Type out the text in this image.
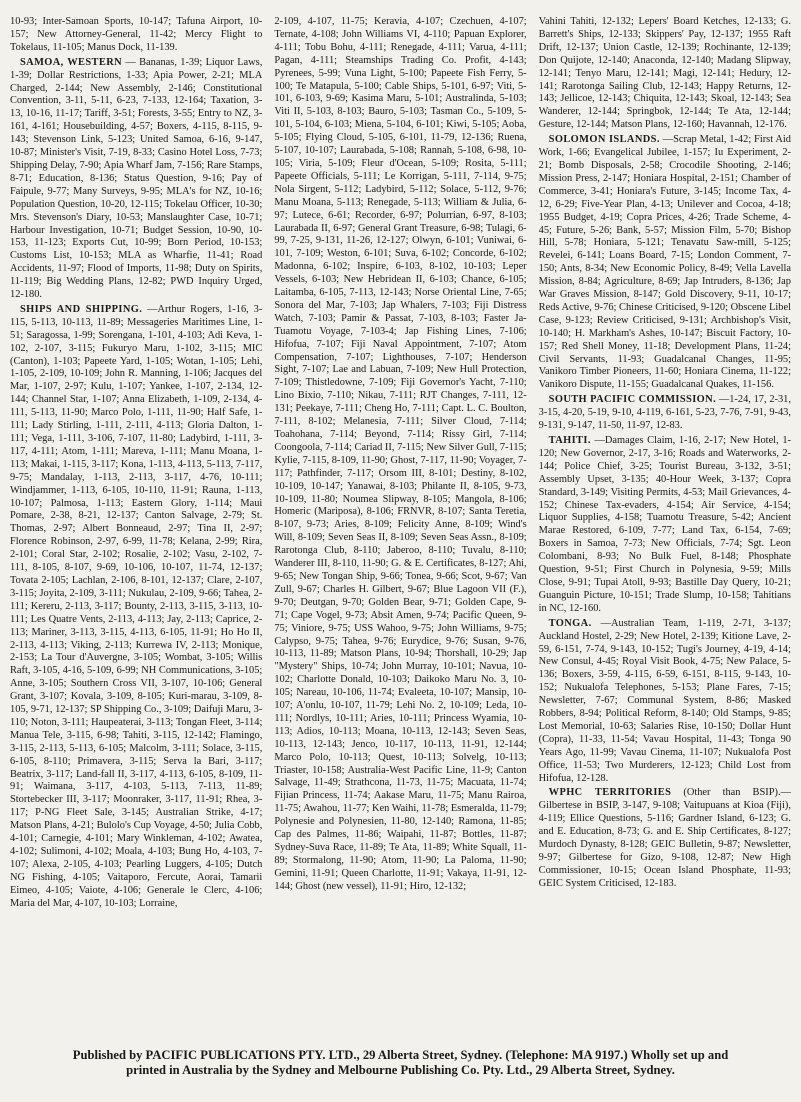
10-93; Inter-Samoan Sports, 10-147; Tafuna Airport, 10-157; New Attorney-General, 11-42; Mercy Flight to Tokelaus, 11-105; Manus Dock, 11-139.

SAMOA, WESTERN — Bananas, 1-39; Liquor Laws, 1-39; Dollar Restrictions, 1-33; Apia Power, 2-21; MLA Charged, 2-144; New Assembly, 2-146; Constitutional Convention, 3-11, 5-11, 6-23, 7-133, 12-164; Taxation, 3-13, 10-16, 11-17; Tariff, 3-51; Forests, 3-55; Entry to NZ, 3-161, 4-161; Housebuilding, 4-57; Boxers, 4-115, 8-115, 9-143; Stevenson Link, 5-123; United Samoa, 6-16, 9-147, 10-87; Minister's Visit, 7-19, 8-33; Casino Hotel Loss, 7-73; Shipping Delay, 7-90; Apia Wharf Jam, 7-156; Rare Stamps, 8-71; Education, 8-136; Status Question, 9-16; Pay of Faipule, 9-77; Many Surveys, 9-95; MLA's for NZ, 10-16; Population Question, 10-20, 12-115; Tokelau Officer, 10-30; Mrs. Stevenson's Diary, 10-53; Manslaughter Case, 10-71; Harbour Investigation, 10-71; Budget Session, 10-90, 10-153, 11-123; Exports Cut, 10-99; Born Period, 10-153; Customs List, 10-153; MLA as Wharfie, 11-41; Road Accidents, 11-97; Flood of Imports, 11-98; Duty on Spirits, 11-119; Big Wedding Plans, 12-82; PWD Inquiry Urged, 12-180.

SHIPS AND SHIPPING. —Arthur Rogers, 1-16, 3-115, 5-113, 10-113, 11-89; Messageries Maritimes Line, 1-51; Saragossa, 1-99; Sorengana, 1-101, 4-103; Adi Keva, 1-102, 2-107, 3-115; Fukuryo Maru, 1-102, 3-115; MIC (Canton), 1-103; Papeete Yard, 1-105; Wotan, 1-105; Lehi, 1-105, 2-109, 10-109; John R. Manning, 1-106; Jacques del Mar, 1-107, 2-97; Kulu, 1-107; Yankee, 1-107, 2-134, 12-144; Channel Star, 1-107; Anna Elizabeth, 1-109, 2-134, 4-111, 5-113, 11-90; Marco Polo, 1-111, 11-90; Half Safe, 1-111; Lady Stirling, 1-111, 2-111, 4-113; Gloria Dalton, 1-111; Vega, 1-111, 3-106, 7-107, 11-80; Ladybird, 1-111, 3-117, 4-111; Atom, 1-111; Mareva, 1-111; Manu Moana, 1-113; Makai, 1-115, 3-117; Kona, 1-113, 4-113, 5-113, 7-117, 9-75; Mandalay, 1-113, 2-113, 3-117, 4-76, 10-111; Windjammer, 1-113, 6-105, 10-110, 11-91; Rauna, 1-113, 10-107; Palmosa, 1-113; Eastern Glory, 1-114; Maui Pomare, 2-38, 8-21, 12-137; Canton Salvage, 2-79; St. Thomas, 2-97; Albert Bonneaud, 2-97; Tina II, 2-97; Florence Robinson, 2-97, 6-99, 11-78; Kelana, 2-99; Rira, 2-101; Coral Star, 2-102; Rosalie, 2-102; Vasu, 2-102, 7-111, 8-105, 8-107, 9-69, 10-106, 10-107, 11-74, 12-137; Tovata 2-105; Lachlan, 2-106, 8-101, 12-137; Clare, 2-107, 3-115; Joyita, 2-109, 3-111; Nukulau, 2-109, 9-66; Tahea, 2-111; Kereru, 2-113, 3-117; Bounty, 2-113, 3-115, 3-113, 10-111; Les Quatre Vents, 2-113, 4-113; Jay, 2-113; Caprice, 2-113; Mariner, 3-113, 3-115, 4-113, 6-105, 11-91; Ho Ho II, 2-113, 4-113; Viking, 2-113; Kurrewa IV, 2-113; Monique, 2-153; La Tour d'Auvergne, 3-105; Wombat, 3-105; Willis Raft, 3-105, 4-16, 5-109, 6-99; NH Communications, 3-105; Anne, 3-105; Southern Cross VII, 3-107, 10-106; General Grant, 3-107; Kovala, 3-109, 8-105; Kuri-marau, 3-109, 8-105, 9-71, 12-137; SP Shipping Co., 3-109; Daifuji Maru, 3-110; Noton, 3-111; Haupeaterai, 3-113; Tongan Fleet, 3-114; Manua Tele, 3-115, 6-98; Tahiti, 3-115, 12-142; Flamingo, 3-115, 2-113, 5-113, 6-105; Malcolm, 3-111; Solace, 3-115, 6-105, 8-110; Primavera, 3-115; Serva la Bari, 3-117; Beatrix, 3-117; Land-fall II, 3-117, 4-113, 6-105, 8-109, 11-91; Waimana, 3-117, 4-103, 5-113, 7-113, 11-89; Stortebecker III, 3-117; Moonraker, 3-117, 11-91; Rhea, 3-117; P-NG Fleet Sale, 3-145; Australian Strike, 4-17; Matson Plans, 4-21; Bulolo's Cup Voyage, 4-50; Julia Cobb, 4-101; Carnegie, 4-101; Mary Winkleman, 4-102; Awatea, 4-102; Sulimoni, 4-102; Moala, 4-103; Bung Ho, 4-103, 7-107; Alexa, 2-105, 4-103; Pearling Luggers, 4-105; Dutch NG Fishing, 4-105; Vaitaporo, Fercute, Aorai, Tamarii Eimeo, 4-105; Vaiote, 4-106; Generale le Clerc, 4-106; Maria del Mar, 4-107, 10-103; Lorraine,

2-109, 4-107, 11-75; Keravia, 4-107; Czechuen, 4-107; Ternate, 4-108; John Williams VI, 4-110; Papuan Explorer, 4-111; Tobu Bohu, 4-111; Renegade, 4-111; Varua, 4-111; Pagan, 4-111; Steamships Trading Co. Profit, 4-143; Pyrenees, 5-99; Vuna Light, 5-100; Papeete Fish Ferry, 5-100; Te Matapula, 5-100; Cable Ships, 5-101, 6-97; Viti, 5-101, 6-103, 9-69; Kasima Maru, 5-101; Australinda, 5-103; Viti II, 5-103, 8-103; Bauro, 5-103; Tasman Co., 5-109, 5-101, 5-104, 6-103; Miena, 5-104, 6-101; Kiwi, 5-105; Aoba, 5-105; Flying Cloud, 5-105, 6-101, 11-79, 12-136; Ruena, 5-107, 10-107; Laurabada, 5-108; Rannah, 5-108, 6-98, 10-105; Viria, 5-109; Fleur d'Ocean, 5-109; Rosita, 5-111; Papeete Officials, 5-111; Le Korrigan, 5-111, 7-114, 9-75; Nola Sirgent, 5-112; Ladybird, 5-112; Solace, 5-112, 9-76; Manu Moana, 5-113; Renegade, 5-113; William & Julia, 6-97; Lutece, 6-61; Recorder, 6-97; Polurrian, 6-97, 8-103; Laurabada II, 6-97; General Grant Treasure, 6-98; Tulagi, 6-99, 7-25, 9-131, 11-26, 12-127; Olwyn, 6-101; Vuniwai, 6-101, 7-109; Weston, 6-101; Suva, 6-102; Concorde, 6-102; Madonna, 6-102; Inspire, 6-103, 8-102, 10-103; Leper Vessels, 6-103; New Hebridean II, 6-103; Chance, 6-105; Laitamba, 6-105, 7-113, 12-143; Norse Oriental Line, 7-65; Sonora del Mar, 7-103; Jap Whalers, 7-103; Fiji Distress Watch, 7-103; Pamir & Passat, 7-103, 8-103; Faster Ja-Tuamotu Voyage, 7-103-4; Jap Fishing Lines, 7-106; Hifofua, 7-107; Fiji Naval Appointment, 7-107; Atom Compensation, 7-107; Lighthouses, 7-107; Henderson Sight, 7-107; Lae and Labuan, 7-109; New Hull Protection, 7-109; Thistledowne, 7-109; Fiji Governor's Yacht, 7-110; Lino Bixio, 7-110; Nikau, 7-111; RJT Changes, 7-111, 12-131; Peekaye, 7-111; Cheng Ho, 7-111; Capt. L. C. Boulton, 7-111, 8-102; Melanesia, 7-111; Silver Cloud, 7-114; Toahohana, 7-114; Beyond, 7-114; Rissy Girl, 7-114; Coongoola, 7-114; Cariad II, 7-115; New Silver Gull, 7-115; Kylie, 7-115, 8-109, 11-90; Ghost, 7-117, 11-90; Voyager, 7-117; Pathfinder, 7-117; Orsom III, 8-101; Destiny, 8-102, 10-109, 10-147; Yanawai, 8-103; Philante II, 8-105, 9-73, 10-109, 11-80; Noumea Slipway, 8-105; Mangola, 8-106; Homeric (Mariposa), 8-106; FRNVR, 8-107; Santa Teretia, 8-107, 9-73; Aries, 8-109; Felicity Anne, 8-109; Wind's Will, 8-109; Seven Seas II, 8-109; Seven Seas Assn., 8-109; Rarotonga Club, 8-110; Jaberoo, 8-110; Tuvalu, 8-110; Wanderer III, 8-110, 11-90; G. & E. Certificates, 8-127; Ahi, 9-65; New Tongan Ship, 9-66; Tonea, 9-66; Scot, 9-67; Van Zull, 9-67; Charles H. Gilbert, 9-67; Blue Lagoon VII (F.), 9-70; Deutgan, 9-70; Golden Bear, 9-71; Golden Cape, 9-71; Cape Vogel, 9-73; Absit Amen, 9-74; Pacific Queen, 9-75; Viniore, 9-75; USS Wahoo, 9-75; John Williams, 9-75; Calypso, 9-75; Tahea, 9-76; Eurydice, 9-76; Susan, 9-76, 10-113, 11-89; Matson Plans, 10-94; Thorshall, 10-29; Jap "Mystery" Ships, 10-74; John Murray, 10-101; Navua, 10-102; Charlotte Donald, 10-103; Daikoko Maru No. 3, 10-105; Nareau, 10-106, 11-74; Evaleeta, 10-107; Mansip, 10-107; A'onlu, 10-107, 11-79; Lehi No. 2, 10-109; Leda, 10-111; Nordlys, 10-111; Aries, 10-111; Princess Wyamia, 10-113; Adios, 10-113; Moana, 10-113, 12-143; Seven Seas, 10-113, 12-143; Jenco, 10-117, 10-113, 11-91, 12-144; Marco Polo, 10-113; Quest, 10-113; Solvelg, 10-113; Triaster, 10-158; Australia-West Pacific Line, 11-9; Canton Salvage, 11-49; Strathcona, 11-73, 11-75; Macuata, 11-74; Fijian Princess, 11-74; Aakase Maru, 11-75; Manu Rairoa, 11-75; Awahou, 11-77; Ken Waihi, 11-78; Esmeralda, 11-79; Polynesie and Polynesien, 11-80, 12-140; Ramona, 11-85; Cap des Palmes, 11-86; Waipahi, 11-87; Bottles, 11-87; Sydney-Suva Race, 11-89; Te Ata, 11-89; White Squall, 11-89; Stormalong, 11-90; Atom, 11-90; La Paloma, 11-90; Gemini, 11-91; Queen Charlotte, 11-91; Vakaya, 11-91, 12-144; Ghost (new vessel), 11-91; Hiro, 12-132;

Vahini Tahiti, 12-132; Lepers' Board Ketches, 12-133; G. Barrett's Ships, 12-133; Skippers' Pay, 12-137; 1955 Raft Drift, 12-137; Union Castle, 12-139; Rochinante, 12-139; Don Quijote, 12-140; Anaconda, 12-140; Madang Slipway, 12-141; Tenyo Maru, 12-141; Magi, 12-141; Hedury, 12-141; Rarotonga Sailing Club, 12-143; Happy Returns, 12-143; Jellicoe, 12-143; Chiquita, 12-143; Skoal, 12-143; Sea Wanderer, 12-144; Springbok, 12-144; Te Ata, 12-144; Gesture, 12-144; Matson Plans, 12-160; Havannah, 12-176.

SOLOMON ISLANDS. —Scrap Metal, 1-42; First Aid Work, 1-66; Evangelical Jubilee, 1-157; Iu Experiment, 2-21; Bomb Disposals, 2-58; Crocodile Shooting, 2-146; Mission Press, 2-147; Honiara Hospital, 2-151; Chamber of Commerce, 3-41; Honiara's Future, 3-145; Income Tax, 4-12, 6-29; Five-Year Plan, 4-13; Unilever and Cocoa, 4-18; 1955 Budget, 4-19; Copra Prices, 4-26; Trade Scheme, 4-45; Future, 5-26; Bank, 5-57; Mission Film, 5-70; Bishop Hill, 5-78; Honiara, 5-121; Tenavatu Saw-mill, 5-125; Revelei, 6-141; Loans Board, 7-15; London Comment, 7-150; Ants, 8-34; New Economic Policy, 8-49; Vella Lavella Mission, 8-84; Agriculture, 8-69; Jap Intruders, 8-136; Jap War Graves Mission, 8-147; Gold Discovery, 9-11, 10-17; Reds Active, 9-76; Chinese Criticised, 9-120; Obscene Libel Case, 9-123; Review Criticised, 9-131; Archbishop's Visit, 10-140; H. Markham's Ashes, 10-147; Biscuit Factory, 10-157; Red Shell Money, 11-18; Development Plans, 11-24; Civil Servants, 11-93; Guadalcanal Changes, 11-95; Vanikoro Timber Pioneers, 11-60; Honiara Cinema, 11-122; Vanikoro Dispute, 11-155; Guadalcanal Quakes, 11-156.

SOUTH PACIFIC COMMISSION. —1-24, 17, 2-31, 3-15, 4-20, 5-19, 9-10, 4-119, 6-161, 5-23, 7-76, 7-91, 9-43, 9-131, 9-147, 11-50, 11-97, 12-83.

TAHITI. —Damages Claim, 1-16, 2-17; New Hotel, 1-120; New Governor, 2-17, 3-16; Roads and Waterworks, 2-144; Police Chief, 3-25; Tourist Bureau, 3-132, 3-51; Assembly Upset, 3-135; 40-Hour Week, 3-137; Copra Standard, 3-149; Visiting Permits, 4-53; Mail Grievances, 4-152; Chinese Tax-evaders, 4-154; Air Service, 4-154; Liquor Supplies, 4-158; Tuamotu Treasure, 5-42; Ancient Marae Restored, 6-109, 7-77; Land Tax, 6-154, 7-69; Boxers in Samoa, 7-73; New Officials, 7-74; Sgt. Leon Colombani, 8-93; No Bulk Fuel, 8-148; Phosphate Question, 9-51; First Church in Polynesia, 9-59; Mills Close, 9-91; Tupai Atoll, 9-93; Bastille Day Query, 10-21; Guanguin Picture, 10-151; Trade Slump, 10-158; Tahitians in NC, 12-160.

TONGA. —Australian Team, 1-119, 2-71, 3-137; Auckland Hostel, 2-29; New Hotel, 2-139; Kitione Lave, 2-59, 6-151, 7-74, 9-143, 10-152; Tugi's Journey, 4-19, 4-14; New Consul, 4-45; Royal Visit Book, 4-75; New Palace, 5-136; Boxers, 3-59, 4-115, 6-59, 6-151, 8-115, 9-143, 10-152; Nukualofa Telephones, 5-153; Plane Fares, 7-15; Newsletter, 7-67; Communal System, 8-86; Masked Robbers, 8-94; Political Reform, 8-140; Old Stamps, 9-85; Lost Memorial, 10-63; Salaries Rise, 10-150; Dollar Hunt (Copra), 11-33, 11-54; Vavau Hospital, 11-43; Tonga 90 Years Ago, 11-99; Vavau Cinema, 11-107; Nukualofa Post Office, 11-53; Two Murderers, 12-123; Child Lost from Hifofua, 12-128.

WPHC TERRITORIES (Other than BSIP).—Gilbertese in BSIP, 3-147, 9-108; Vaitupuans at Kioa (Fiji), 4-119; Ellice Questions, 5-116; Gardner Island, 6-123; G. and E. Education, 8-73; G. and E. Ship Certificates, 8-127; Murdoch Dynasty, 8-128; GEIC Bulletin, 9-87; Newsletter, 9-97; Gilbertese for Gizo, 9-108, 12-87; New High Commissioner, 10-15; Ocean Island Phosphate, 11-93; GEIC System Criticised, 12-183.

Published by PACIFIC PUBLICATIONS PTY. LTD., 29 Alberta Street, Sydney. (Telephone: MA 9197.) Wholly set up and
printed in Australia by the Sydney and Melbourne Publishing Co. Pty. Ltd., 29 Alberta Street, Sydney.
